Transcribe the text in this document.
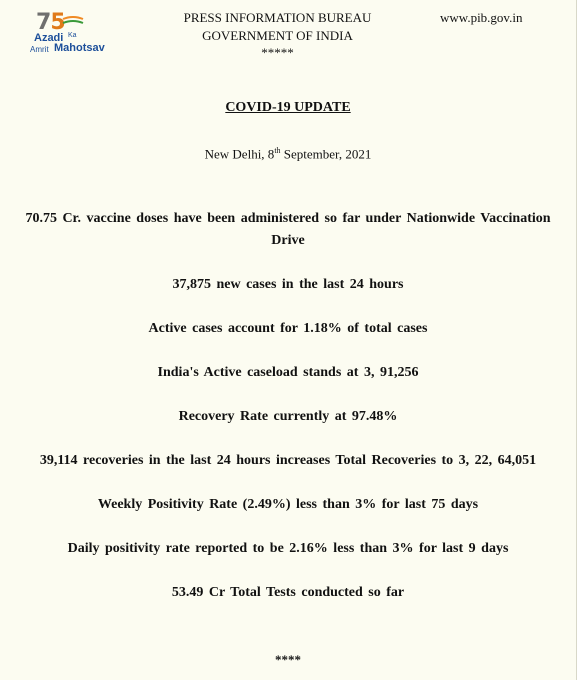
75
Azadi Ka
Amrit Mahotsav
PRESS INFORMATION BUREAU
GOVERNMENT OF INDIA
*****
www.pib.gov.in
COVID-19 UPDATE
New Delhi, 8th September, 2021
70.75 Cr. vaccine doses have been administered so far under Nationwide Vaccination Drive
37,875 new cases in the last 24 hours
Active cases account for 1.18% of total cases
India's Active caseload stands at 3, 91,256
Recovery Rate currently at 97.48%
39,114 recoveries in the last 24 hours increases Total Recoveries to 3, 22, 64,051
Weekly Positivity Rate (2.49%) less than 3% for last 75 days
Daily positivity rate reported to be 2.16% less than 3% for last 9 days
53.49 Cr Total Tests conducted so far
****
